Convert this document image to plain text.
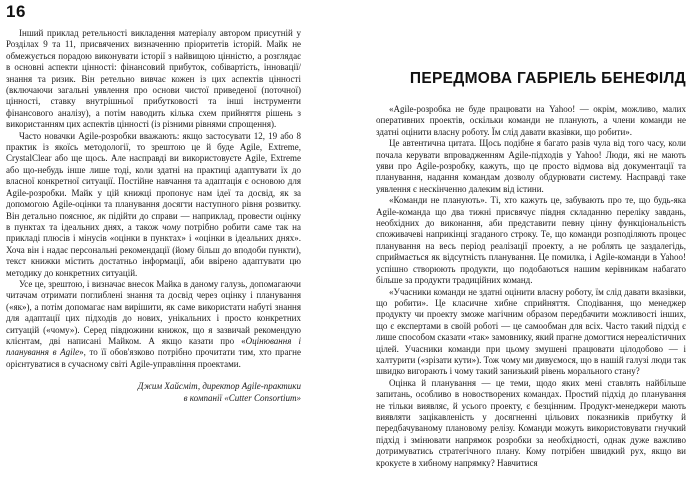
16

Інший приклад ретельності викладення матеріалу автором присутній у Розділах 9 та 11, присвячених визначенню пріоритетів історій. Майк не обмежується порадою виконувати історії з найвищою цінністю, а розглядає в основні аспекти цінності: фінансовий прибуток, собівартість, інновації/знання та ризик. Він ретельно вивчає кожен із цих аспектів цінності (включаючи загальні уявлення про основи чистої приведеної (поточної) цінності, ставку внутрішньої прибутковості та інші інструменти фінансового аналізу), а потім наводить кілька схем прийняття рішень з використанням цих аспектів цінності (із різними рівнями спрощення).

Часто новачки Agile-розробки вважають: якщо застосувати 12, 19 або 8 практик із якоїсь методології, то зрештою це й буде Agile, Extreme, CrystalClear або ще щось. Але насправді ви використовуєте Agile, Extreme або що-небудь інше лише тоді, коли здатні на практиці адаптувати їх до власної конкретної ситуації. Постійне навчання та адаптація є основою для Agile-розробки. Майк у цій книжці пропонує нам ідеї та досвід, як за допомогою Agile-оцінки та планування досягти наступного рівня розвитку. Він детально пояснює, як підійти до справи — наприклад, провести оцінку в пунктах та ідеальних днях, а також чому потрібно робити саме так на прикладі плюсів і мінусів «оцінки в пунктах» і «оцінки в ідеальних днях». Хоча він і надає персональні рекомендації (йому більш до вподоби пункти), текст книжки містить достатньо інформації, аби ввірено адаптувати цю методику до конкретних ситуацій.

Усе це, зрештою, і визначає внесок Майка в даному галузь, допомагаючи читачам отримати поглиблені знання та досвід через оцінку і планування («як»), а потім допомагає нам вирішити, як саме використати набуті знання для адаптації цих підходів до нових, унікальних і просто конкретних ситуацій («чому»). Серед півдюжини книжок, що я зазвичай рекомендую клієнтам, дві написані Майком. А якщо казати про «Оцінювання і планування в Agile», то її обов'язково потрібно прочитати тим, хто прагне орієнтуватися в сучасному світі Agile-управління проектами.

Джим Хайсміт, директор Agile-практики
в компанії «Cutter Consortium»
ПЕРЕДМОВА ГАБРІЕЛЬ БЕНЕФІЛД

«Agile-розробка не буде працювати на Yahoo! — окрім, можливо, малих оперативних проектів, оскільки команди не планують, а члени команди не здатні оцінити власну роботу. Їм слід давати вказівки, що робити».

Це автентична цитата. Щось подібне я багато разів чула від того часу, коли почала керувати впровадженням Agile-підходів у Yahoo! Люди, які не мають уяви про Agile-розробку, кажуть, що це просто відмова від документації та планування, надання командам дозволу обдурювати систему. Насправді таке уявлення є нескінченно далеким від істини.

«Команди не планують». Ті, хто кажуть це, забувають про те, що будь-яка Agile-команда що два тижні присвячує півдня складанню переліку завдань, необхідних до виконання, аби представити певну цінну функціональність споживачеві наприкінці згаданого строку. Те, що команди розподіляють процес планування на весь період реалізації проекту, а не роблять це заздалегідь, сприймається як відсутність планування. Це помилка, і Agile-команди в Yahoo! успішно створюють продукти, що подобаються нашим керівникам набагато більше за продукти традиційних команд.

«Учасники команди не здатні оцінити власну роботу, їм слід давати вказівки, що робити». Це класичне хибне сприйняття. Сподівання, що менеджер продукту чи проекту зможе магічним образом передбачити можливості інших, що є експертами в своїй роботі — це самообман для всіх. Часто такий підхід є лише способом сказати «так» замовнику, який прагне домогтися нереалістичних цілей. Учасники команди при цьому змушені працювати цілодобово — і халтурити («зрізати кути»). Тож чому ми дивуємося, що в нашій галузі люди так швидко вигорають і чому такий занизький рівень морального стану?

Оцінка й планування — це теми, щодо яких мені ставлять найбільше запитань, особливо в новостворених командах. Простий підхід до планування не тільки виявляє, й усього проекту, є безцінним. Продукт-менеджери мають виявляти зацікавленість у досягненні цільових показників прибутку й передбачуваному плановому релізу. Команди можуть використовувати гнучкий підхід і змінювати напрямок розробки за необхідності, однак дуже важливо дотримуватись стратегічного плану. Кому потрібен швидкий рух, якщо ви крокуєте в хибному напрямку? Навчитися
